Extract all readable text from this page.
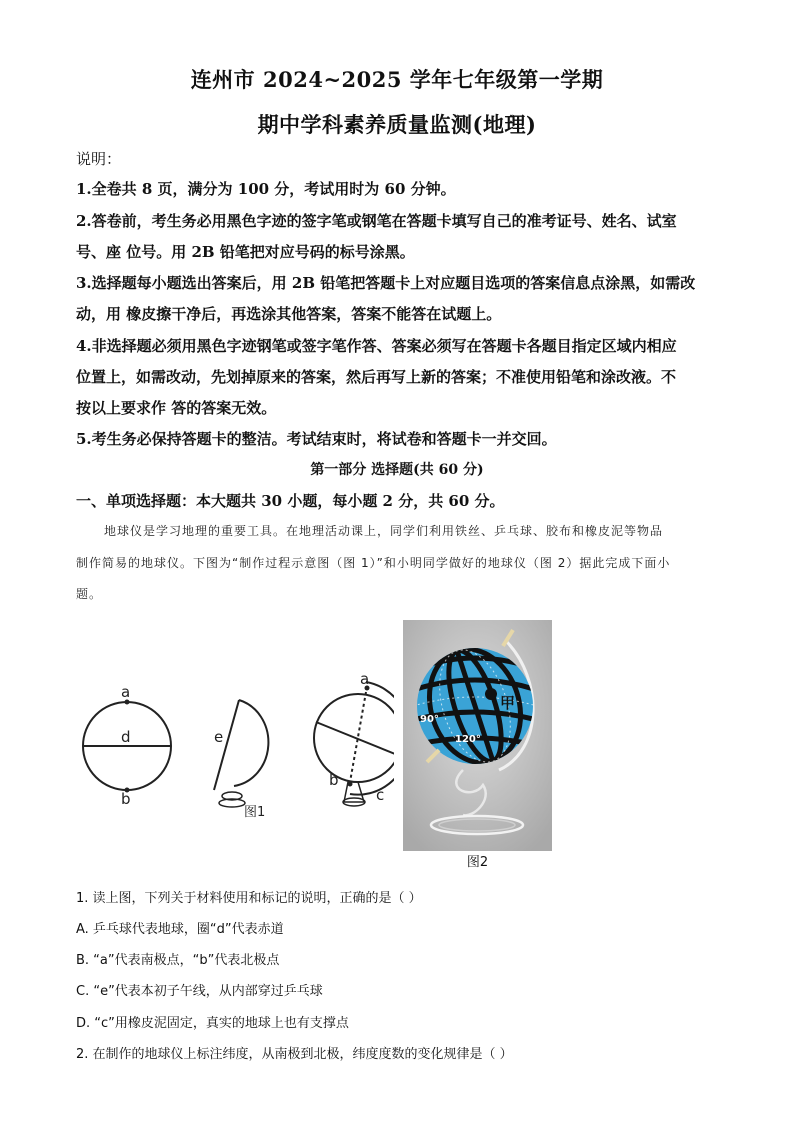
连州市 2024~2025 学年七年级第一学期
期中学科素养质量监测(地理)
说明：
1.全卷共 8 页，满分为 100 分，考试用时为 60 分钟。
2.答卷前，考生务必用黑色字迹的签字笔或钢笔在答题卡填写自己的准考证号、姓名、试室
号、座 位号。用 2B 铅笔把对应号码的标号涂黑。
3.选择题每小题选出答案后，用 2B 铅笔把答题卡上对应题目选项的答案信息点涂黑，如需改
动，用 橡皮擦干净后，再选涂其他答案，答案不能答在试题上。
4.非选择题必须用黑色字迹钢笔或签字笔作答、答案必须写在答题卡各题目指定区域内相应
位置上，如需改动，先划掉原来的答案，然后再写上新的答案；不准使用铅笔和涂改液。不
按以上要求作 答的答案无效。
5.考生务必保持答题卡的整洁。考试结束时，将试卷和答题卡一并交回。
第一部分 选择题(共 60 分)
一、单项选择题：本大题共 30 小题，每小题 2 分，共 60 分。
地球仪是学习地理的重要工具。在地理活动课上，同学们利用铁丝、乒乓球、胶布和橡皮泥等物品
制作简易的地球仪。下图为“制作过程示意图（图 1）”和小明同学做好的地球仪（图 2）据此完成下面小
题。
a
d
b
e
图1
a
b
c
甲
90°
120°
图2
1. 读上图，下列关于材料使用和标记的说明，正确的是（ ）
A. 乒乓球代表地球，圈“d”代表赤道
B. “a”代表南极点，“b”代表北极点
C. “e”代表本初子午线，从内部穿过乒乓球
D. “c”用橡皮泥固定，真实的地球上也有支撑点
2. 在制作的地球仪上标注纬度，从南极到北极，纬度度数的变化规律是（ ）
